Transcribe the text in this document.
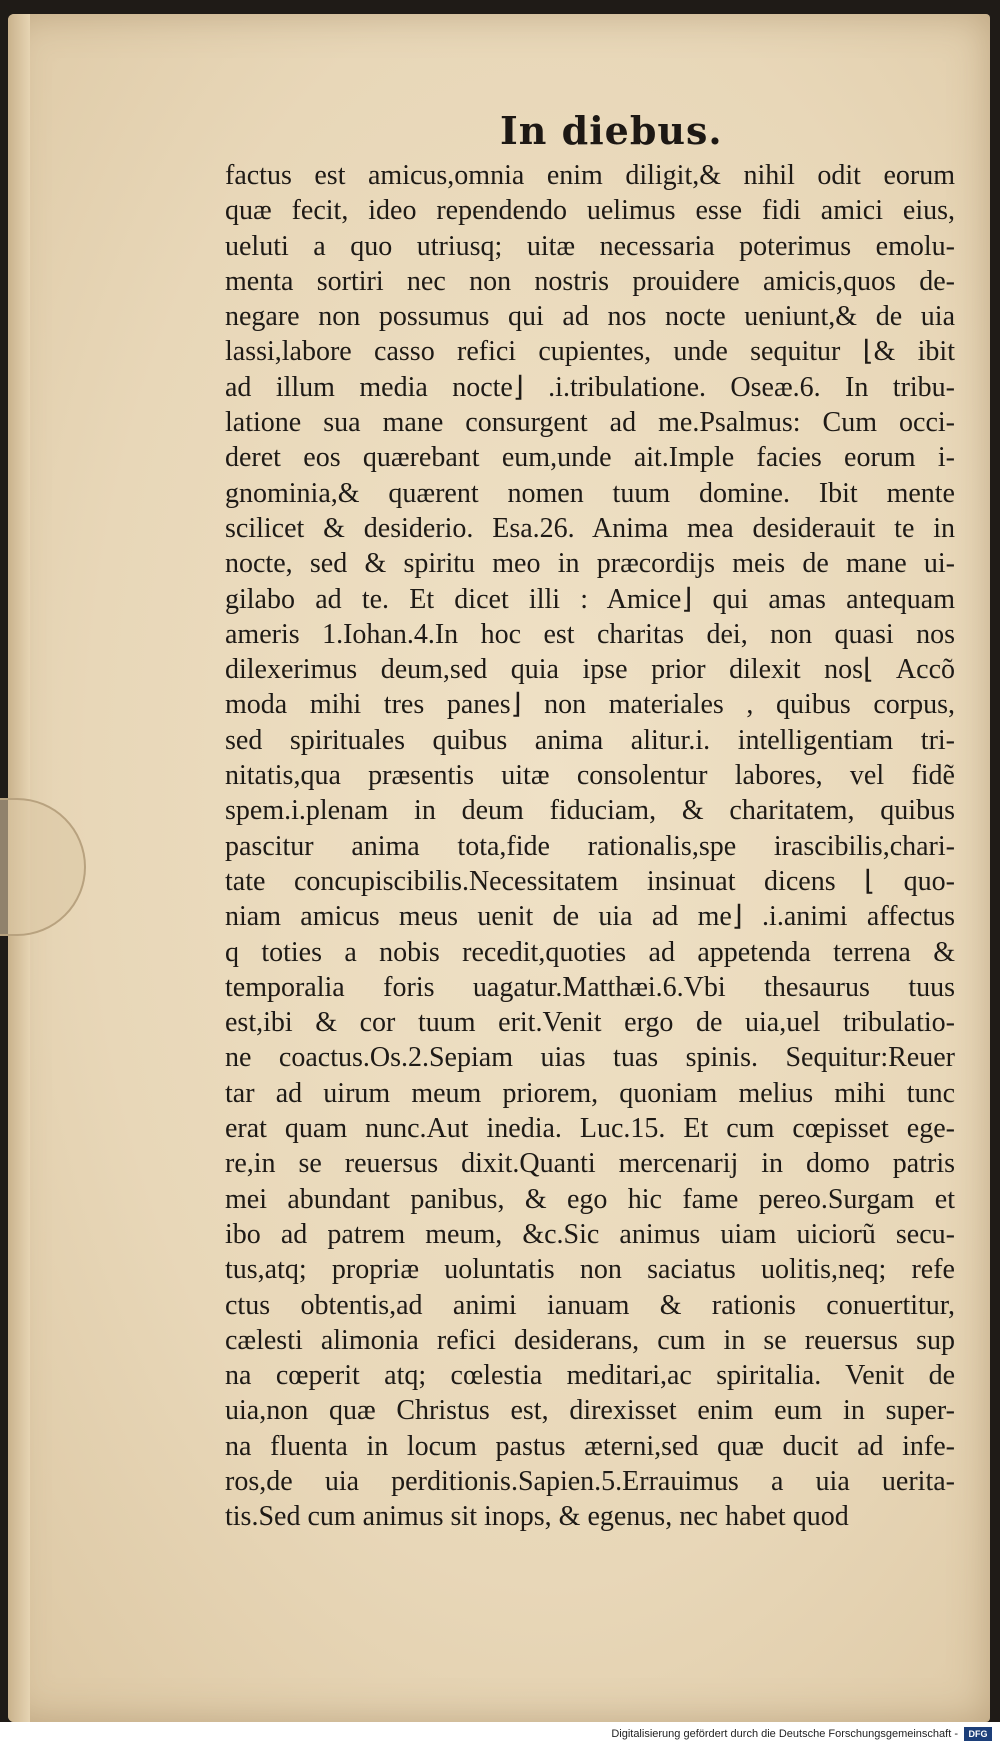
In diebus.
factus est amicus,omnia enim diligit,& nihil odit eorum
quæ fecit, ideo rependendo uelimus esse fidi amici eius,
ueluti a quo utriusq; uitæ necessaria poterimus emolu-
menta sortiri nec non nostris prouidere amicis,quos de-
negare non possumus qui ad nos nocte ueniunt,& de uia
lassi,labore casso refici cupientes, unde sequitur ⌊& ibit
ad illum media nocte⌋ .i.tribulatione. Oseæ.6. In tribu-
latione sua mane consurgent ad me.Psalmus: Cum occi-
deret eos quærebant eum,unde ait.Imple facies eorum i-
gnominia,& quærent nomen tuum domine. Ibit mente
scilicet & desiderio. Esa.26. Anima mea desiderauit te in
nocte, sed & spiritu meo in præcordijs meis de mane ui-
gilabo ad te. Et dicet illi : Amice⌋ qui amas antequam
ameris 1.Iohan.4.In hoc est charitas dei, non quasi nos
dilexerimus deum,sed quia ipse prior dilexit nos⌊ Accõ
moda mihi tres panes⌋ non materiales , quibus corpus,
sed spirituales quibus anima alitur.i. intelligentiam tri-
nitatis,qua præsentis uitæ consolentur labores, vel fidẽ
spem.i.plenam in deum fiduciam, & charitatem, quibus
pascitur anima tota,fide rationalis,spe irascibilis,chari-
tate concupiscibilis.Necessitatem insinuat dicens ⌊ quo-
niam amicus meus uenit de uia ad me⌋ .i.animi affectus
q toties a nobis recedit,quoties ad appetenda terrena &
temporalia foris uagatur.Matthæi.6.Vbi thesaurus tuus
est,ibi & cor tuum erit.Venit ergo de uia,uel tribulatio-
ne coactus.Os.2.Sepiam uias tuas spinis. Sequitur:Reuer
tar ad uirum meum priorem, quoniam melius mihi tunc
erat quam nunc.Aut inedia. Luc.15. Et cum cœpisset ege-
re,in se reuersus dixit.Quanti mercenarij in domo patris
mei abundant panibus, & ego hic fame pereo.Surgam et
ibo ad patrem meum, &c.Sic animus uiam uiciorũ secu-
tus,atq; propriæ uoluntatis non saciatus uolitis,neq; refe
ctus obtentis,ad animi ianuam & rationis conuertitur,
cælesti alimonia refici desiderans, cum in se reuersus sup
na cœperit atq; cœlestia meditari,ac spiritalia. Venit de
uia,non quæ Christus est, direxisset enim eum in super-
na fluenta in locum pastus æterni,sed quæ ducit ad infe-
ros,de uia perditionis.Sapien.5.Errauimus a uia ueritа-
tis.Sed cum animus sit inops, & egenus, nec habet quod
Digitalisierung gefördert durch die Deutsche Forschungsgemeinschaft -	DFG
